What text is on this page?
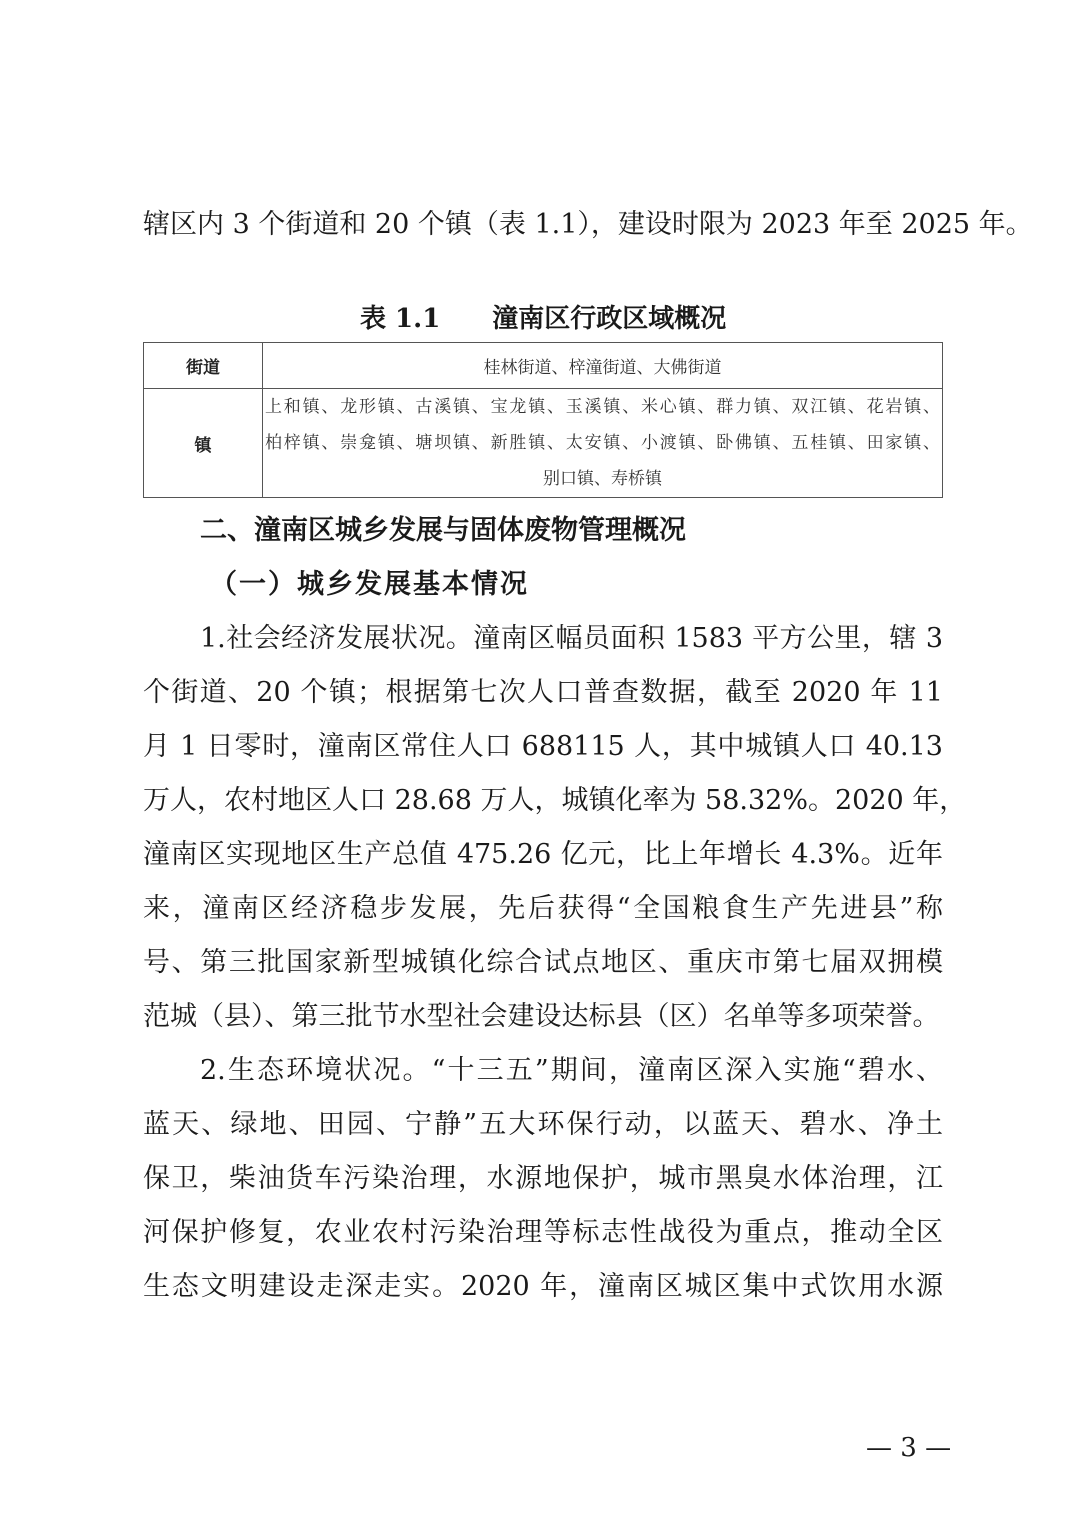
辖区内 3 个街道和 20 个镇（表 1.1），建设时限为 2023 年至 2025 年。

表 1.1 潼南区行政区域概况
街道	桂林街道、梓潼街道、大佛街道
镇	上和镇、龙形镇、古溪镇、宝龙镇、玉溪镇、米心镇、群力镇、双江镇、花岩镇、
柏梓镇、崇龛镇、塘坝镇、新胜镇、太安镇、小渡镇、卧佛镇、五桂镇、田家镇、
别口镇、寿桥镇
二、潼南区城乡发展与固体废物管理概况
（一）城乡发展基本情况

1.社会经济发展状况。潼南区幅员面积 1583 平方公里，辖 3

个街道、20 个镇；根据第七次人口普查数据，截至 2020 年 11

月 1 日零时，潼南区常住人口 688115 人，其中城镇人口 40.13

万人，农村地区人口 28.68 万人，城镇化率为 58.32%。2020 年，

潼南区实现地区生产总值 475.26 亿元，比上年增长 4.3%。近年

来，潼南区经济稳步发展，先后获得“全国粮食生产先进县”称

号、第三批国家新型城镇化综合试点地区、重庆市第七届双拥模

范城（县）、第三批节水型社会建设达标县（区）名单等多项荣誉。

2.生态环境状况。“十三五”期间，潼南区深入实施“碧水、

蓝天、绿地、田园、宁静”五大环保行动，以蓝天、碧水、净土

保卫，柴油货车污染治理，水源地保护，城市黑臭水体治理，江

河保护修复，农业农村污染治理等标志性战役为重点，推动全区

生态文明建设走深走实。2020 年，潼南区城区集中式饮用水源

— 3 —
